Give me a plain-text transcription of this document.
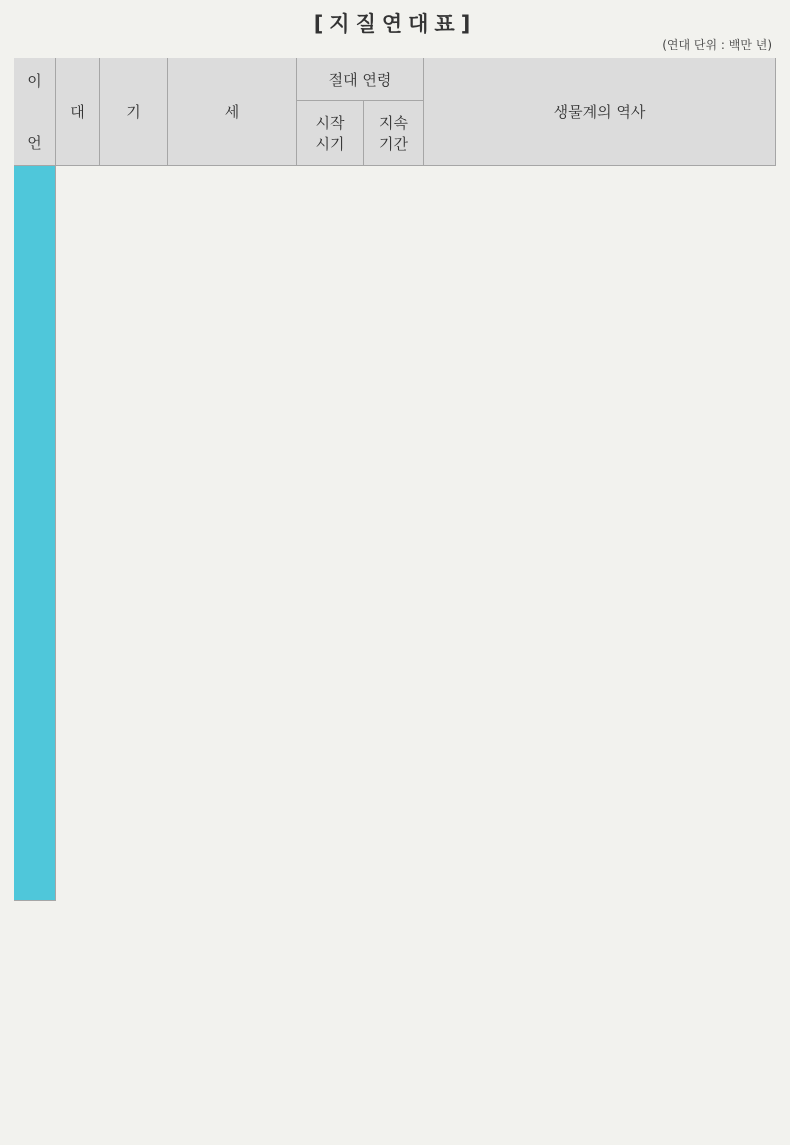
[지질연대표]
(연대 단위 : 백만 년)
이
언
대	기	세
절대 연령
시작
시기
지속
기간
생물계의 역사
